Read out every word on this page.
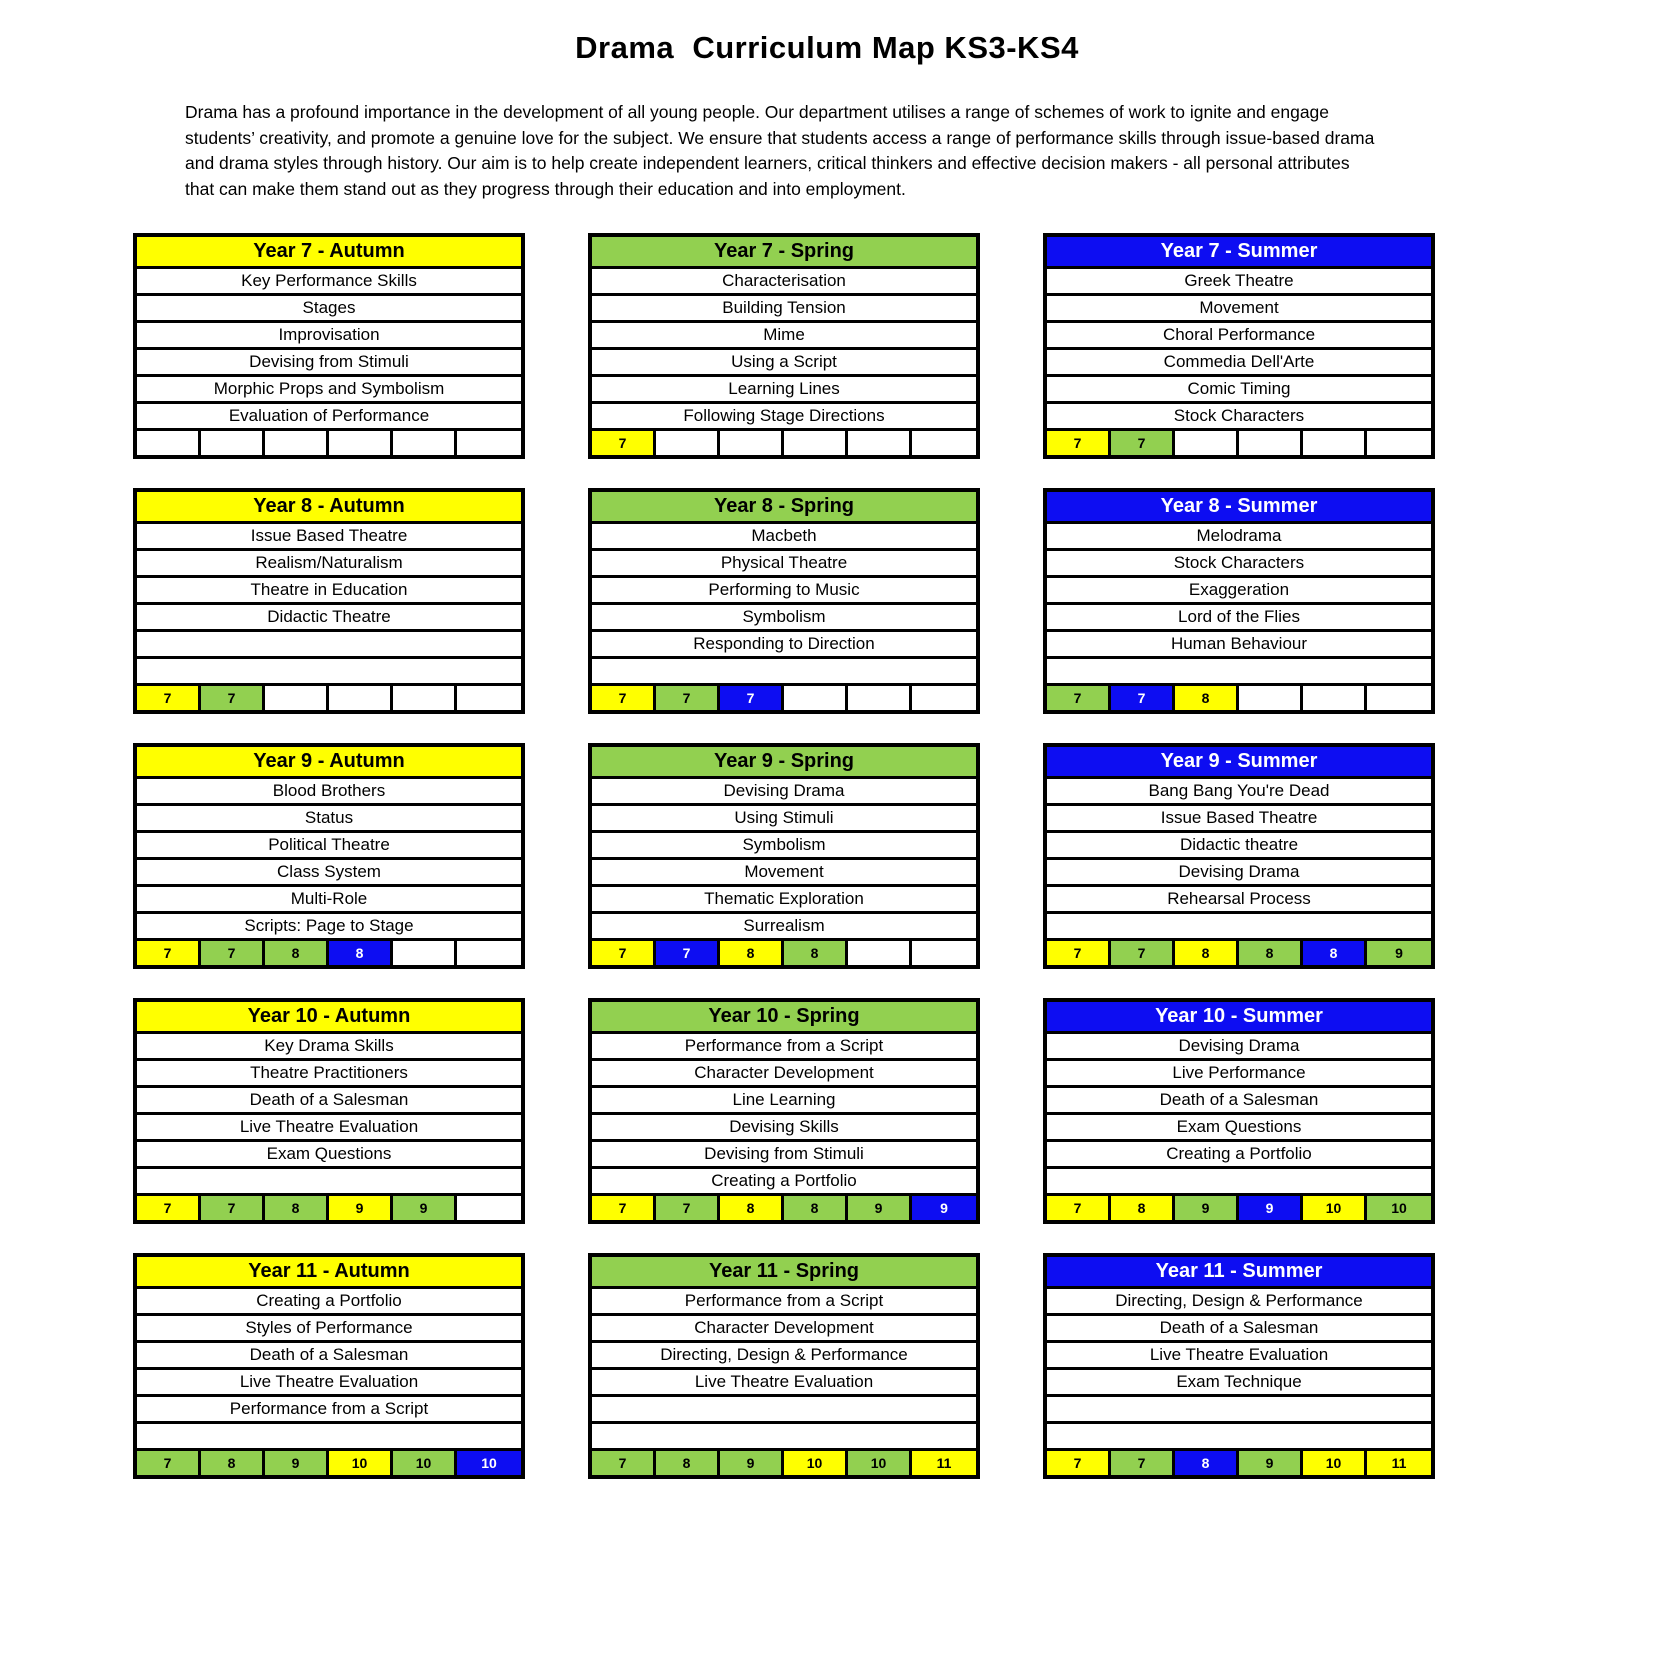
Drama  Curriculum Map KS3-KS4

Drama has a profound importance in the development of all young people. Our department utilises a range of schemes of work to ignite and engage students’ creativity, and promote a genuine love for the subject. We ensure that students access a range of performance skills through issue-based drama and drama styles through history. Our aim is to help create independent learners, critical thinkers and effective decision makers - all personal attributes that can make them stand out as they progress through their education and into employment.

Year 7 - Autumn
Key Performance Skills
Stages
Improvisation
Devising from Stimuli
Morphic Props and Symbolism
Evaluation of Performance
Year 7 - Spring
Characterisation
Building Tension
Mime
Using a Script
Learning Lines
Following Stage Directions
7
Year 7 - Summer
Greek Theatre
Movement
Choral Performance
Commedia Dell'Arte
Comic Timing
Stock Characters
7	7
Year 8 - Autumn
Issue Based Theatre
Realism/Naturalism
Theatre in Education
Didactic Theatre
7	7
Year 8 - Spring
Macbeth
Physical Theatre
Performing to Music
Symbolism
Responding to Direction
7	7	7
Year 8 - Summer
Melodrama
Stock Characters
Exaggeration
Lord of the Flies
Human Behaviour
7	7	8
Year 9 - Autumn
Blood Brothers
Status
Political Theatre
Class System
Multi-Role
Scripts: Page to Stage
7	7	8	8
Year 9 - Spring
Devising Drama
Using Stimuli
Symbolism
Movement
Thematic Exploration
Surrealism
7	7	8	8
Year 9 - Summer
Bang Bang You're Dead
Issue Based Theatre
Didactic theatre
Devising Drama
Rehearsal Process
7	7	8	8	8	9
Year 10 - Autumn
Key Drama Skills
Theatre Practitioners
Death of a Salesman
Live Theatre Evaluation
Exam Questions
7	7	8	9	9
Year 10 - Spring
Performance from a Script
Character Development
Line Learning
Devising Skills
Devising from Stimuli
Creating a Portfolio
7	7	8	8	9	9
Year 10 - Summer
Devising Drama
Live Performance
Death of a Salesman
Exam Questions
Creating a Portfolio
7	8	9	9	10	10
Year 11 - Autumn
Creating a Portfolio
Styles of Performance
Death of a Salesman
Live Theatre Evaluation
Performance from a Script
7	8	9	10	10	10
Year 11 - Spring
Performance from a Script
Character Development
Directing, Design & Performance
Live Theatre Evaluation
7	8	9	10	10	11
Year 11 - Summer
Directing, Design & Performance
Death of a Salesman
Live Theatre Evaluation
Exam Technique
7	7	8	9	10	11
